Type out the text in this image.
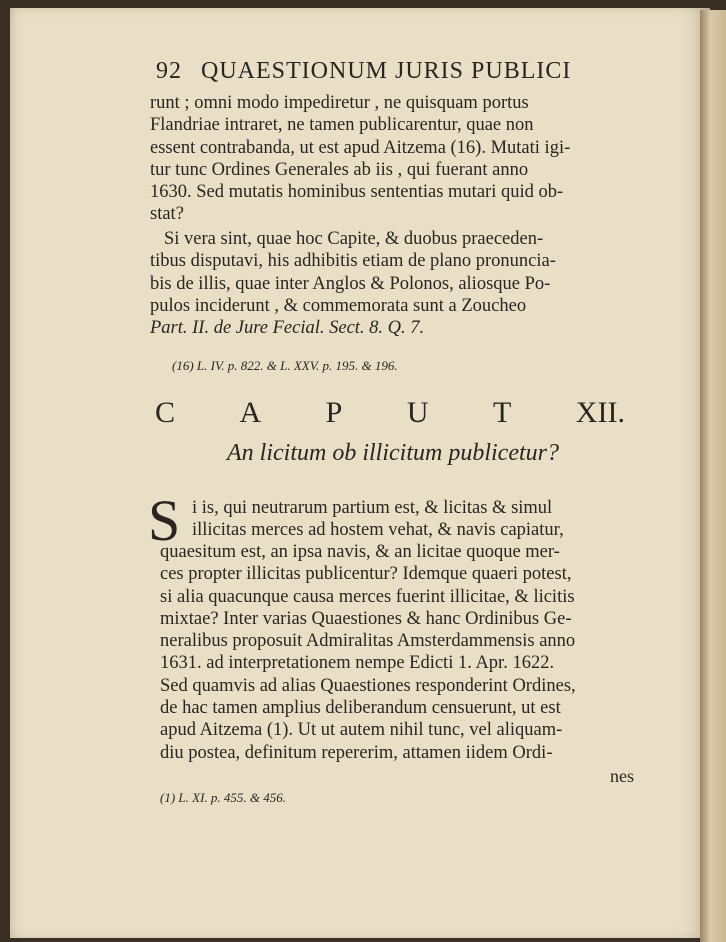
92 QUAESTIONUM JURIS PUBLICI
runt ; omni modo impediretur , ne quisquam portus
Flandriae intraret, ne tamen publicarentur, quae non
essent contrabanda, ut est apud Aitzema (16). Mutati igi-
tur tunc Ordines Generales ab iis , qui fuerant anno
1630. Sed mutatis hominibus sententias mutari quid ob-
stat?
Si vera sint, quae hoc Capite, & duobus praeceden-
tibus disputavi, his adhibitis etiam de plano pronuncia-
bis de illis, quae inter Anglos & Polonos, aliosque Po-
pulos inciderunt , & commemorata sunt a Zoucheo
Part. II. de Jure Fecial. Sect. 8. Q. 7.
(16) L. IV. p. 822. & L. XXV. p. 195. & 196.
C A P U T XII.
An licitum ob illicitum publicetur?
S i is, qui neutrarum partium est, & licitas & simul
illicitas merces ad hostem vehat, & navis capiatur,
quaesitum est, an ipsa navis, & an licitae quoque mer-
ces propter illicitas publicentur? Idemque quaeri potest,
si alia quacunque causa merces fuerint illicitae, & licitis
mixtae? Inter varias Quaestiones & hanc Ordinibus Ge-
neralibus proposuit Admiralitas Amsterdammensis anno
1631. ad interpretationem nempe Edicti 1. Apr. 1622.
Sed quamvis ad alias Quaestiones responderint Ordines,
de hac tamen amplius deliberandum censuerunt, ut est
apud Aitzema (1). Ut ut autem nihil tunc, vel aliquam-
diu postea, definitum repererim, attamen iidem Ordi-
nes
(1) L. XI. p. 455. & 456.
